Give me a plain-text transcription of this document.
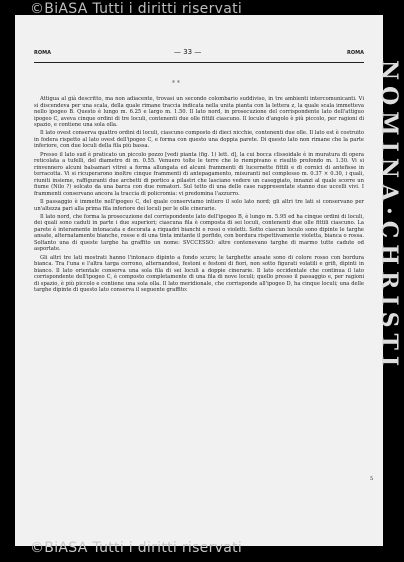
©BiASA Tutti i diritti riservati
NOMINA·CHRISTI
ROMA	— 33 —	ROMA
* *

Attigua al già descritto, ma non adiacente, trovasi un secondo colombario suddiviso, in tre ambienti intercomunicanti. Vi si discendeva per una scala, della quale rimane traccia indicata nella unita pianta con la lettera z, la quale scala immetteva nello ipogeo B. Questo è lungo m. 6.25 e largo m. 1.50. Il lato nord, in prosecuzione del corrispondente lato dell'attiguo ipogeo C, aveva cinque ordini di tre loculi, contenenti due olle fittili ciascuno. Il loculo d'angolo è più piccolo, per ragioni di spazio, e contiene una sola olla.

Il lato ovest conserva quattro ordini di loculi, ciascuno composto di dieci nicchie, contenenti due olle. Il lato est è costruito in fodera rispetto al lato ovest dell'ipogeo C, e forma con questo una doppia parete. Di questo lato non rimane che la parte inferiore, con due loculi della fila più bassa.

Presso il lato sud è praticato un piccolo pozzo [vedi pianta (fig. 1) lett. d], la cui bocca clissoidale è in muratura di opera reticolata a tufelli, del diametro di m. 0.55. Venuero tolte le terre che lo riempivano e risultò profondo m. 1.30. Vi si rinvennero alcuni balsamari vitrei a forma allungata ed alcuni frammenti di lucernette fittili e di cornici di antefisse in terracotta. Vi si ricuperarono inoltre cinque frammenti di antepagamento, misuranti nel complesso m. 0.37 × 0.30, i quali, riuniti insieme, raffiguranti due arcbetti di portico a pilastri che lasciano vedere un caseggiato, innanzi al quale scorre un fiume (Nilo ?) solcato da una barca con due rematori. Sul tetto di una delle case rappresentate stanno due uccelli vivi. I frammenti conservano ancora la traccia di policromia: vi predomina l'azzurro.

Il passaggio è immette nell'ipogeo C, del quale conserviamo intiero il solo lato nord; gli altri tre lati si conservano per un'altezza pari alla prima fila inferiore dei loculi per le olle cinerarie.

Il lato nord, che forma la prosecuzione del corrispondente lato dell'ipogeo B, è lungo m. 5.95 ed ha cinque ordini di loculi, dei quali sono caduti in parte i due superiori; ciascuna fila è composta di sei loculi, contenenti due olle fittili ciascuno. La parete è interamente intonacata e decorata a riquadri bianchi e rossi o violetti. Sotto ciascun loculo sono dipinte le targhe ansate, alternatamente bianche, rosse e di una tinta imitante il porfido, con bordura rispettivamente violetta, bianca o rossa. Soltanto una di queste targhe ha graffito un nome: SVCCESSO: altre contenevano targhe di marmo tutte cadute od asportate.

Gli altri tre lati mostrati hanno l'intonaco dipinto a fondo scuro; le targhette ansate sono di colore rosso con bordura bianca. Tra l'una e l'altra targa corrono, alternandosi, festoni e festoni di fiori, non sotto figurati volatili e grifi, dipinti in bianco. Il lato orientale conserva una sola fila di sei loculi a doppie cinerarie. Il lato occidentale che continua il lato corrispondente dell'ipogeo C, è composto completamente di una fila di nove loculi; quello presso il passaggio e, per ragioni di spazio, è più piccolo e contiene una sola olla. Il lato meridionale, che corrisponde all'ipogeo D, ha cinque loculi; una delle targhe dipinte di questo lato conserva il seguente graffito:

5
©BiASA Tutti i diritti riservati
